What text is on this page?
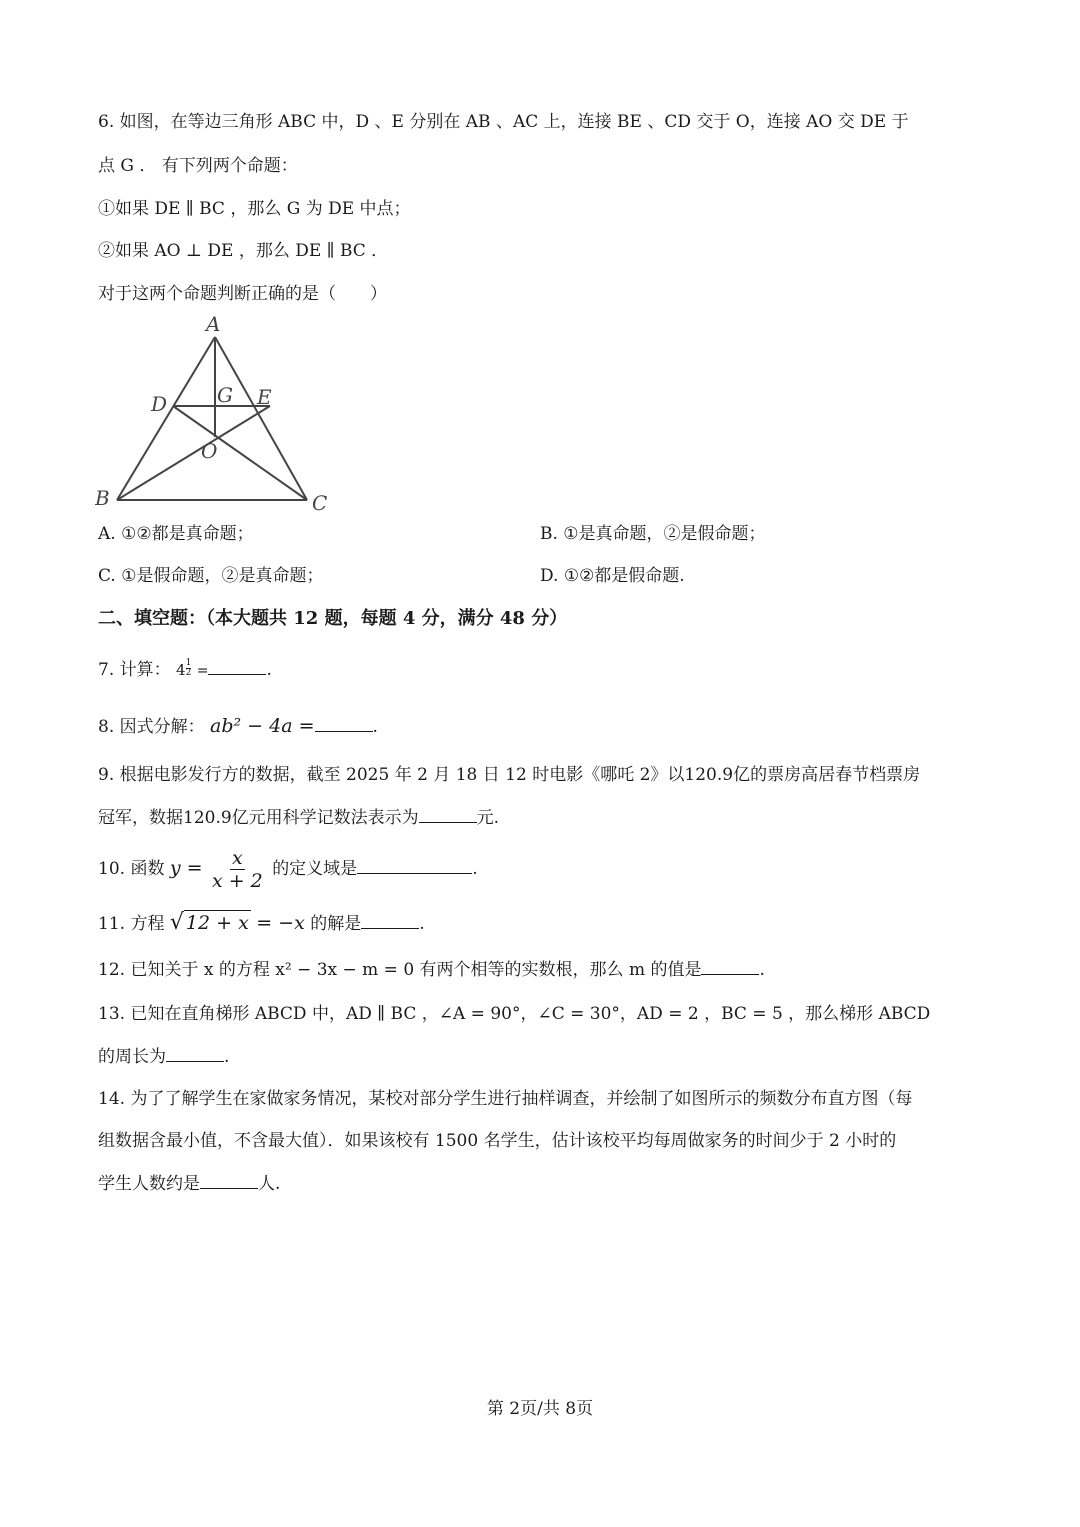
6. 如图，在等边三角形 ABC 中，D 、E 分别在 AB 、AC 上，连接 BE 、CD 交于 O，连接 AO 交 DE 于
点 G ． 有下列两个命题：
①如果 DE ∥ BC ，那么 G 为 DE 中点；
②如果 AO ⊥ DE ，那么 DE ∥ BC ．
对于这两个命题判断正确的是（　　）
A
B	C
D	E
G
O
A. ①②都是真命题；	B. ①是真命题，②是假命题；
C. ①是假命题，②是真命题；	D. ①②都是假命题.
二、填空题：（本大题共 12 题，每题 4 分，满分 48 分）
7. 计算： 4 $^{\frac{1}{2}}$ =	.
8. 因式分解： ab² − 4a =	.
9. 根据电影发行方的数据，截至 2025 年 2 月 18 日 12 时电影《哪吒 2》以120.9亿的票房高居春节档票房
冠军，数据120.9亿元用科学记数法表示为	元.
10. 函数 $y = \frac{x}{x + 2}$ 的定义域是	.
11. 方程 √ 12 + x = −x 的解是	.
12. 已知关于 x 的方程 x² − 3x − m = 0 有两个相等的实数根，那么 m 的值是	.
13. 已知在直角梯形 ABCD 中，AD ∥ BC ，∠A = 90°，∠C = 30°，AD = 2 ，BC = 5 ，那么梯形 ABCD
的周长为	.
14. 为了了解学生在家做家务情况，某校对部分学生进行抽样调查，并绘制了如图所示的频数分布直方图（每
组数据含最小值，不含最大值）．如果该校有 1500 名学生，估计该校平均每周做家务的时间少于 2 小时的
学生人数约是	人.
第 2页/共 8页
